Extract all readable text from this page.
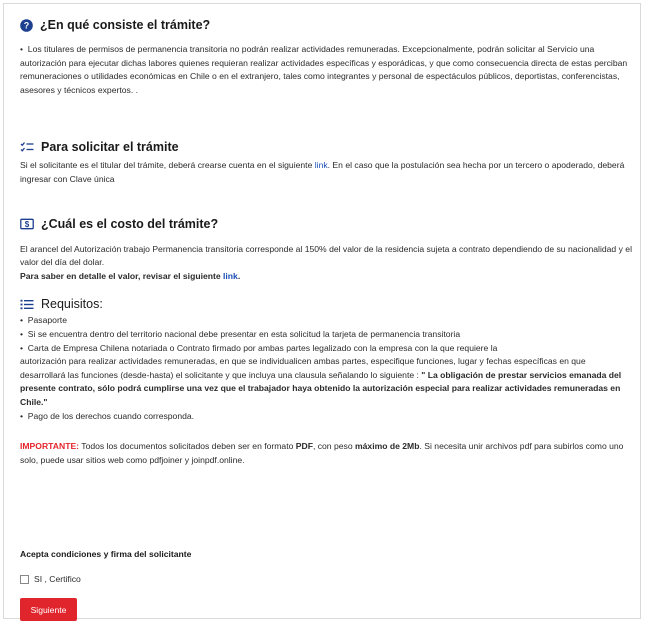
? ¿En qué consiste el trámite?

• Los titulares de permisos de permanencia transitoria no podrán realizar actividades remuneradas. Excepcionalmente, podrán solicitar al Servicio una autorización para ejecutar dichas labores quienes requieran realizar actividades específicas y esporádicas, y que como consecuencia directa de estas perciban remuneraciones o utilidades económicas en Chile o en el extranjero, tales como integrantes y personal de espectáculos públicos, deportistas, conferencistas, asesores y técnicos expertos. .

Para solicitar el trámite

Si el solicitante es el titular del trámite, deberá crearse cuenta en el siguiente link. En el caso que la postulación sea hecha por un tercero o apoderado, deberá ingresar con Clave única

$ ¿Cuál es el costo del trámite?

El arancel del Autorización trabajo Permanencia transitoria corresponde al 150% del valor de la residencia sujeta a contrato dependiendo de su nacionalidad y el valor del día del dolar.
Para saber en detalle el valor, revisar el siguiente link.

Requisitos:
•  Pasaporte
•  Si se encuentra dentro del territorio nacional debe presentar en esta solicitud la tarjeta de permanencia transitoria
•  Carta de Empresa Chilena notariada o Contrato firmado por ambas partes legalizado con la empresa con la que requiere la
autorización para realizar actividades remuneradas, en que se individualicen ambas partes, especifique funciones, lugar y fechas específicas en que desarrollará las funciones (desde-hasta) el solicitante y que incluya una clausula señalando lo siguiente : " La obligación de prestar servicios emanada del presente contrato, sólo podrá cumplirse una vez que el trabajador haya obtenido la autorización especial para realizar actividades remuneradas en Chile."
•  Pago de los derechos cuando corresponda.

IMPORTANTE: Todos los documentos solicitados deben ser en formato PDF, con peso máximo de 2Mb. Si necesita unir archivos pdf para subirlos como uno solo, puede usar sitios web como pdfjoiner y joinpdf.online.

Acepta condiciones y firma del solicitante
SI , Certifico
Siguiente
